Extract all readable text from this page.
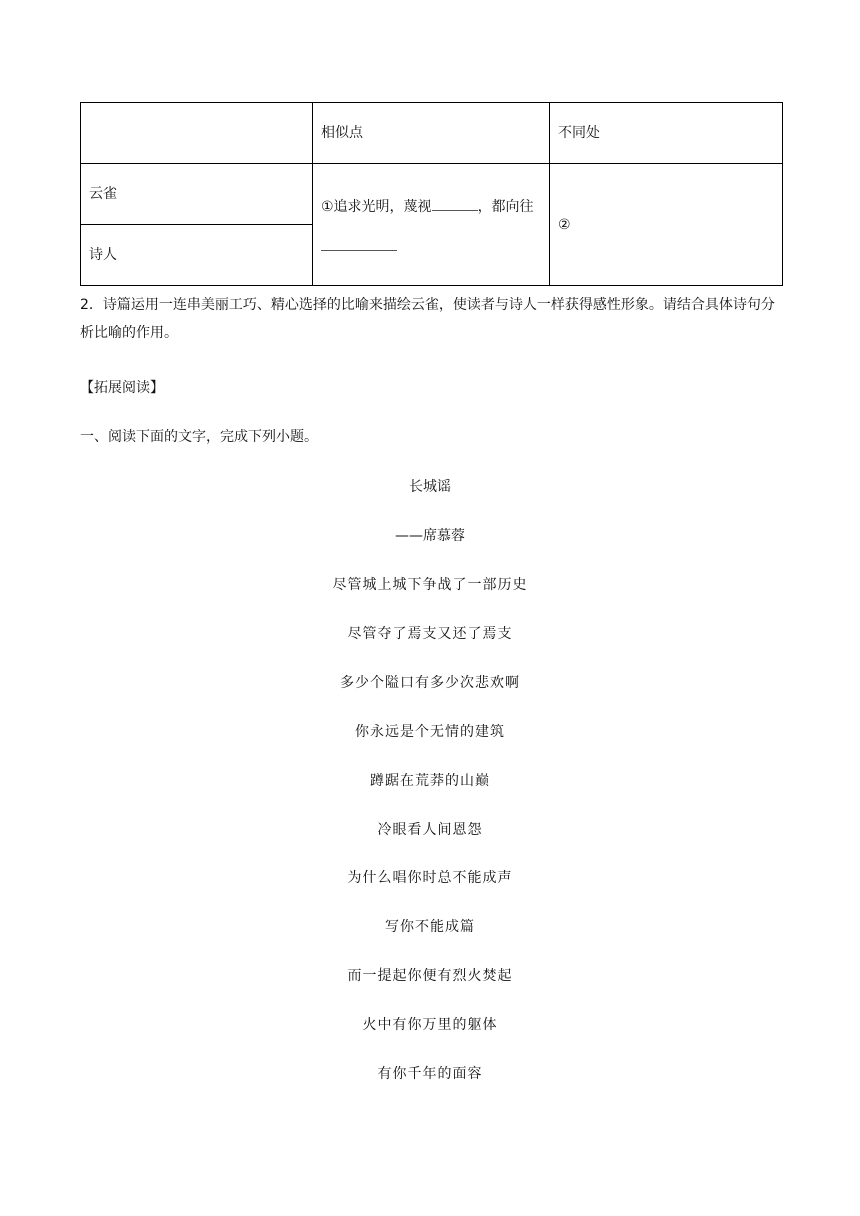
	相似点	不同处
云雀	①追求光明，蔑视 ，都向往	②
诗人		

2．诗篇运用一连串美丽工巧、精心选择的比喻来描绘云雀，使读者与诗人一样获得感性形象。请结合具体诗句分析比喻的作用。

【拓展阅读】

一、阅读下面的文字，完成下列小题。

长城谣

——席慕蓉

尽管城上城下争战了一部历史

尽管夺了焉支又还了焉支

多少个隘口有多少次悲欢啊

你永远是个无情的建筑

蹲踞在荒莽的山巅

冷眼看人间恩怨

为什么唱你时总不能成声

写你不能成篇

而一提起你便有烈火焚起

火中有你万里的躯体

有你千年的面容
